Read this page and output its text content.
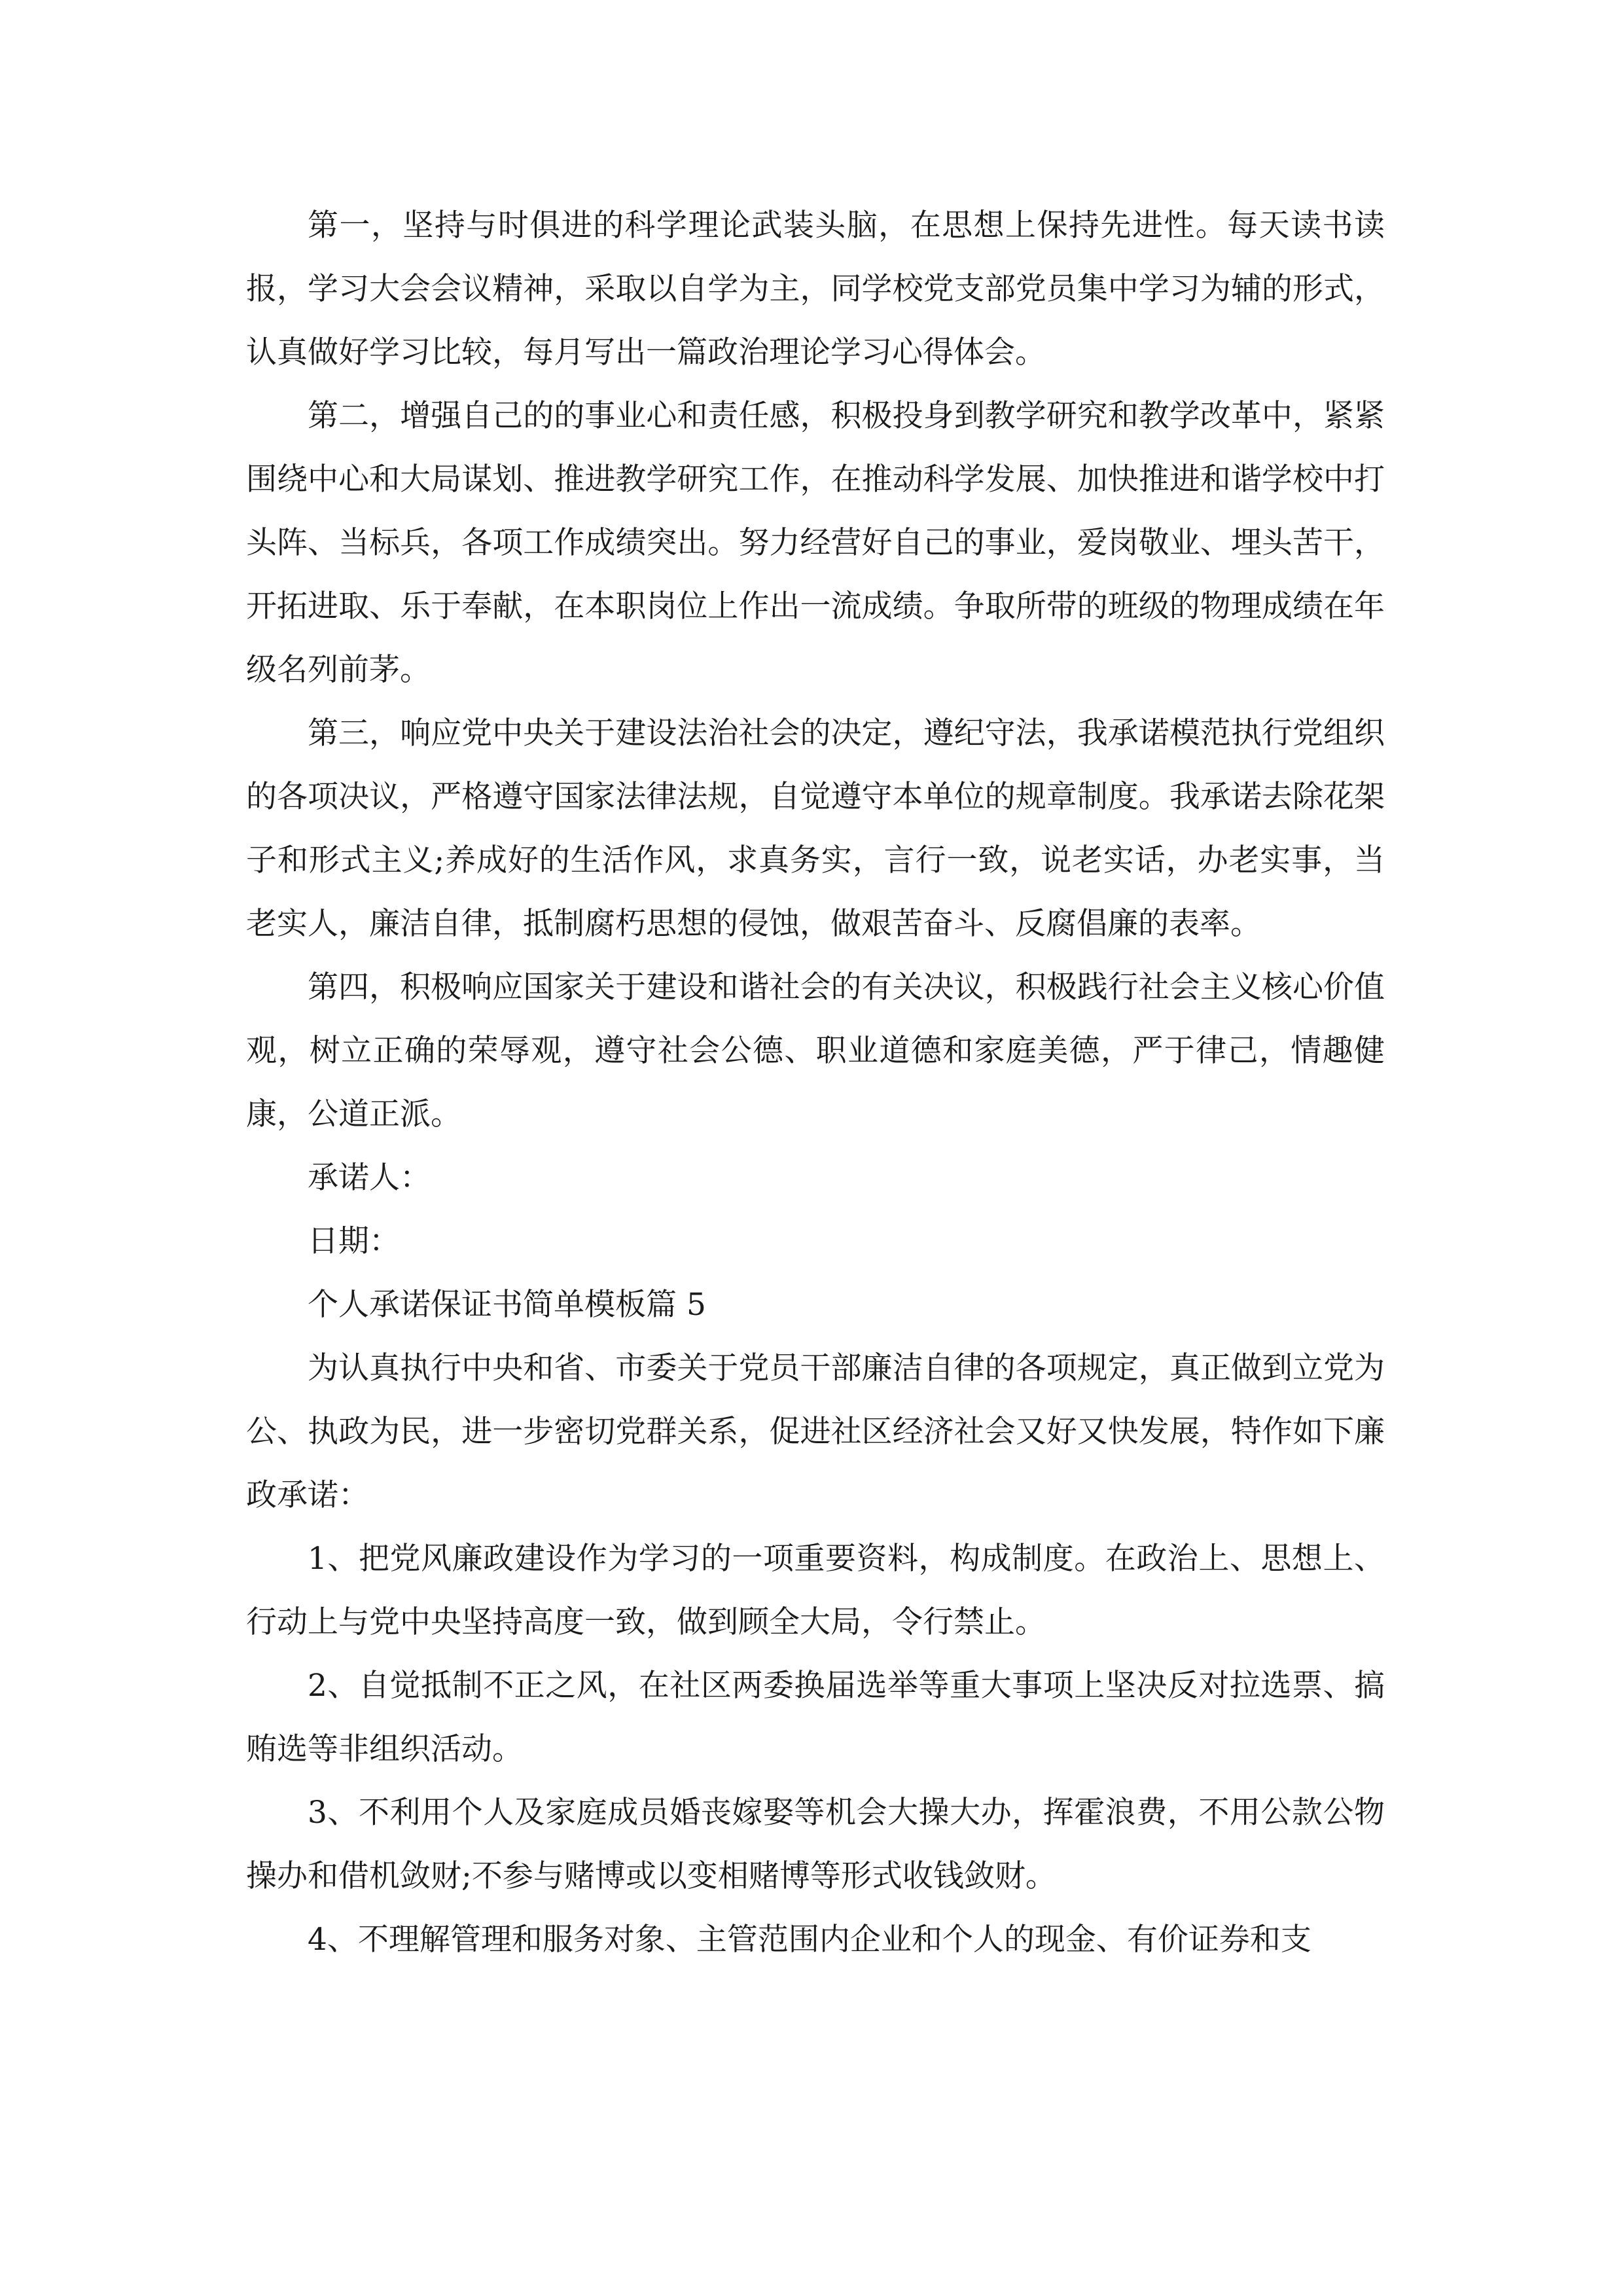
第一，坚持与时俱进的科学理论武装头脑，在思想上保持先进性。每天读书读报，学习大会会议精神，采取以自学为主，同学校党支部党员集中学习为辅的形式，认真做好学习比较，每月写出一篇政治理论学习心得体会。

第二，增强自己的的事业心和责任感，积极投身到教学研究和教学改革中，紧紧围绕中心和大局谋划、推进教学研究工作，在推动科学发展、加快推进和谐学校中打头阵、当标兵，各项工作成绩突出。努力经营好自己的事业，爱岗敬业、埋头苦干，开拓进取、乐于奉献，在本职岗位上作出一流成绩。争取所带的班级的物理成绩在年级名列前茅。

第三，响应党中央关于建设法治社会的决定，遵纪守法，我承诺模范执行党组织的各项决议，严格遵守国家法律法规，自觉遵守本单位的规章制度。我承诺去除花架子和形式主义;养成好的生活作风，求真务实，言行一致，说老实话，办老实事，当老实人，廉洁自律，抵制腐朽思想的侵蚀，做艰苦奋斗、反腐倡廉的表率。

第四，积极响应国家关于建设和谐社会的有关决议，积极践行社会主义核心价值观，树立正确的荣辱观，遵守社会公德、职业道德和家庭美德，严于律己，情趣健康，公道正派。

承诺人：

日期：

个人承诺保证书简单模板篇 5

为认真执行中央和省、市委关于党员干部廉洁自律的各项规定，真正做到立党为公、执政为民，进一步密切党群关系，促进社区经济社会又好又快发展，特作如下廉政承诺：

1、把党风廉政建设作为学习的一项重要资料，构成制度。在政治上、思想上、行动上与党中央坚持高度一致，做到顾全大局，令行禁止。

2、自觉抵制不正之风，在社区两委换届选举等重大事项上坚决反对拉选票、搞贿选等非组织活动。

3、不利用个人及家庭成员婚丧嫁娶等机会大操大办，挥霍浪费，不用公款公物操办和借机敛财;不参与赌博或以变相赌博等形式收钱敛财。

4、不理解管理和服务对象、主管范围内企业和个人的现金、有价证券和支
